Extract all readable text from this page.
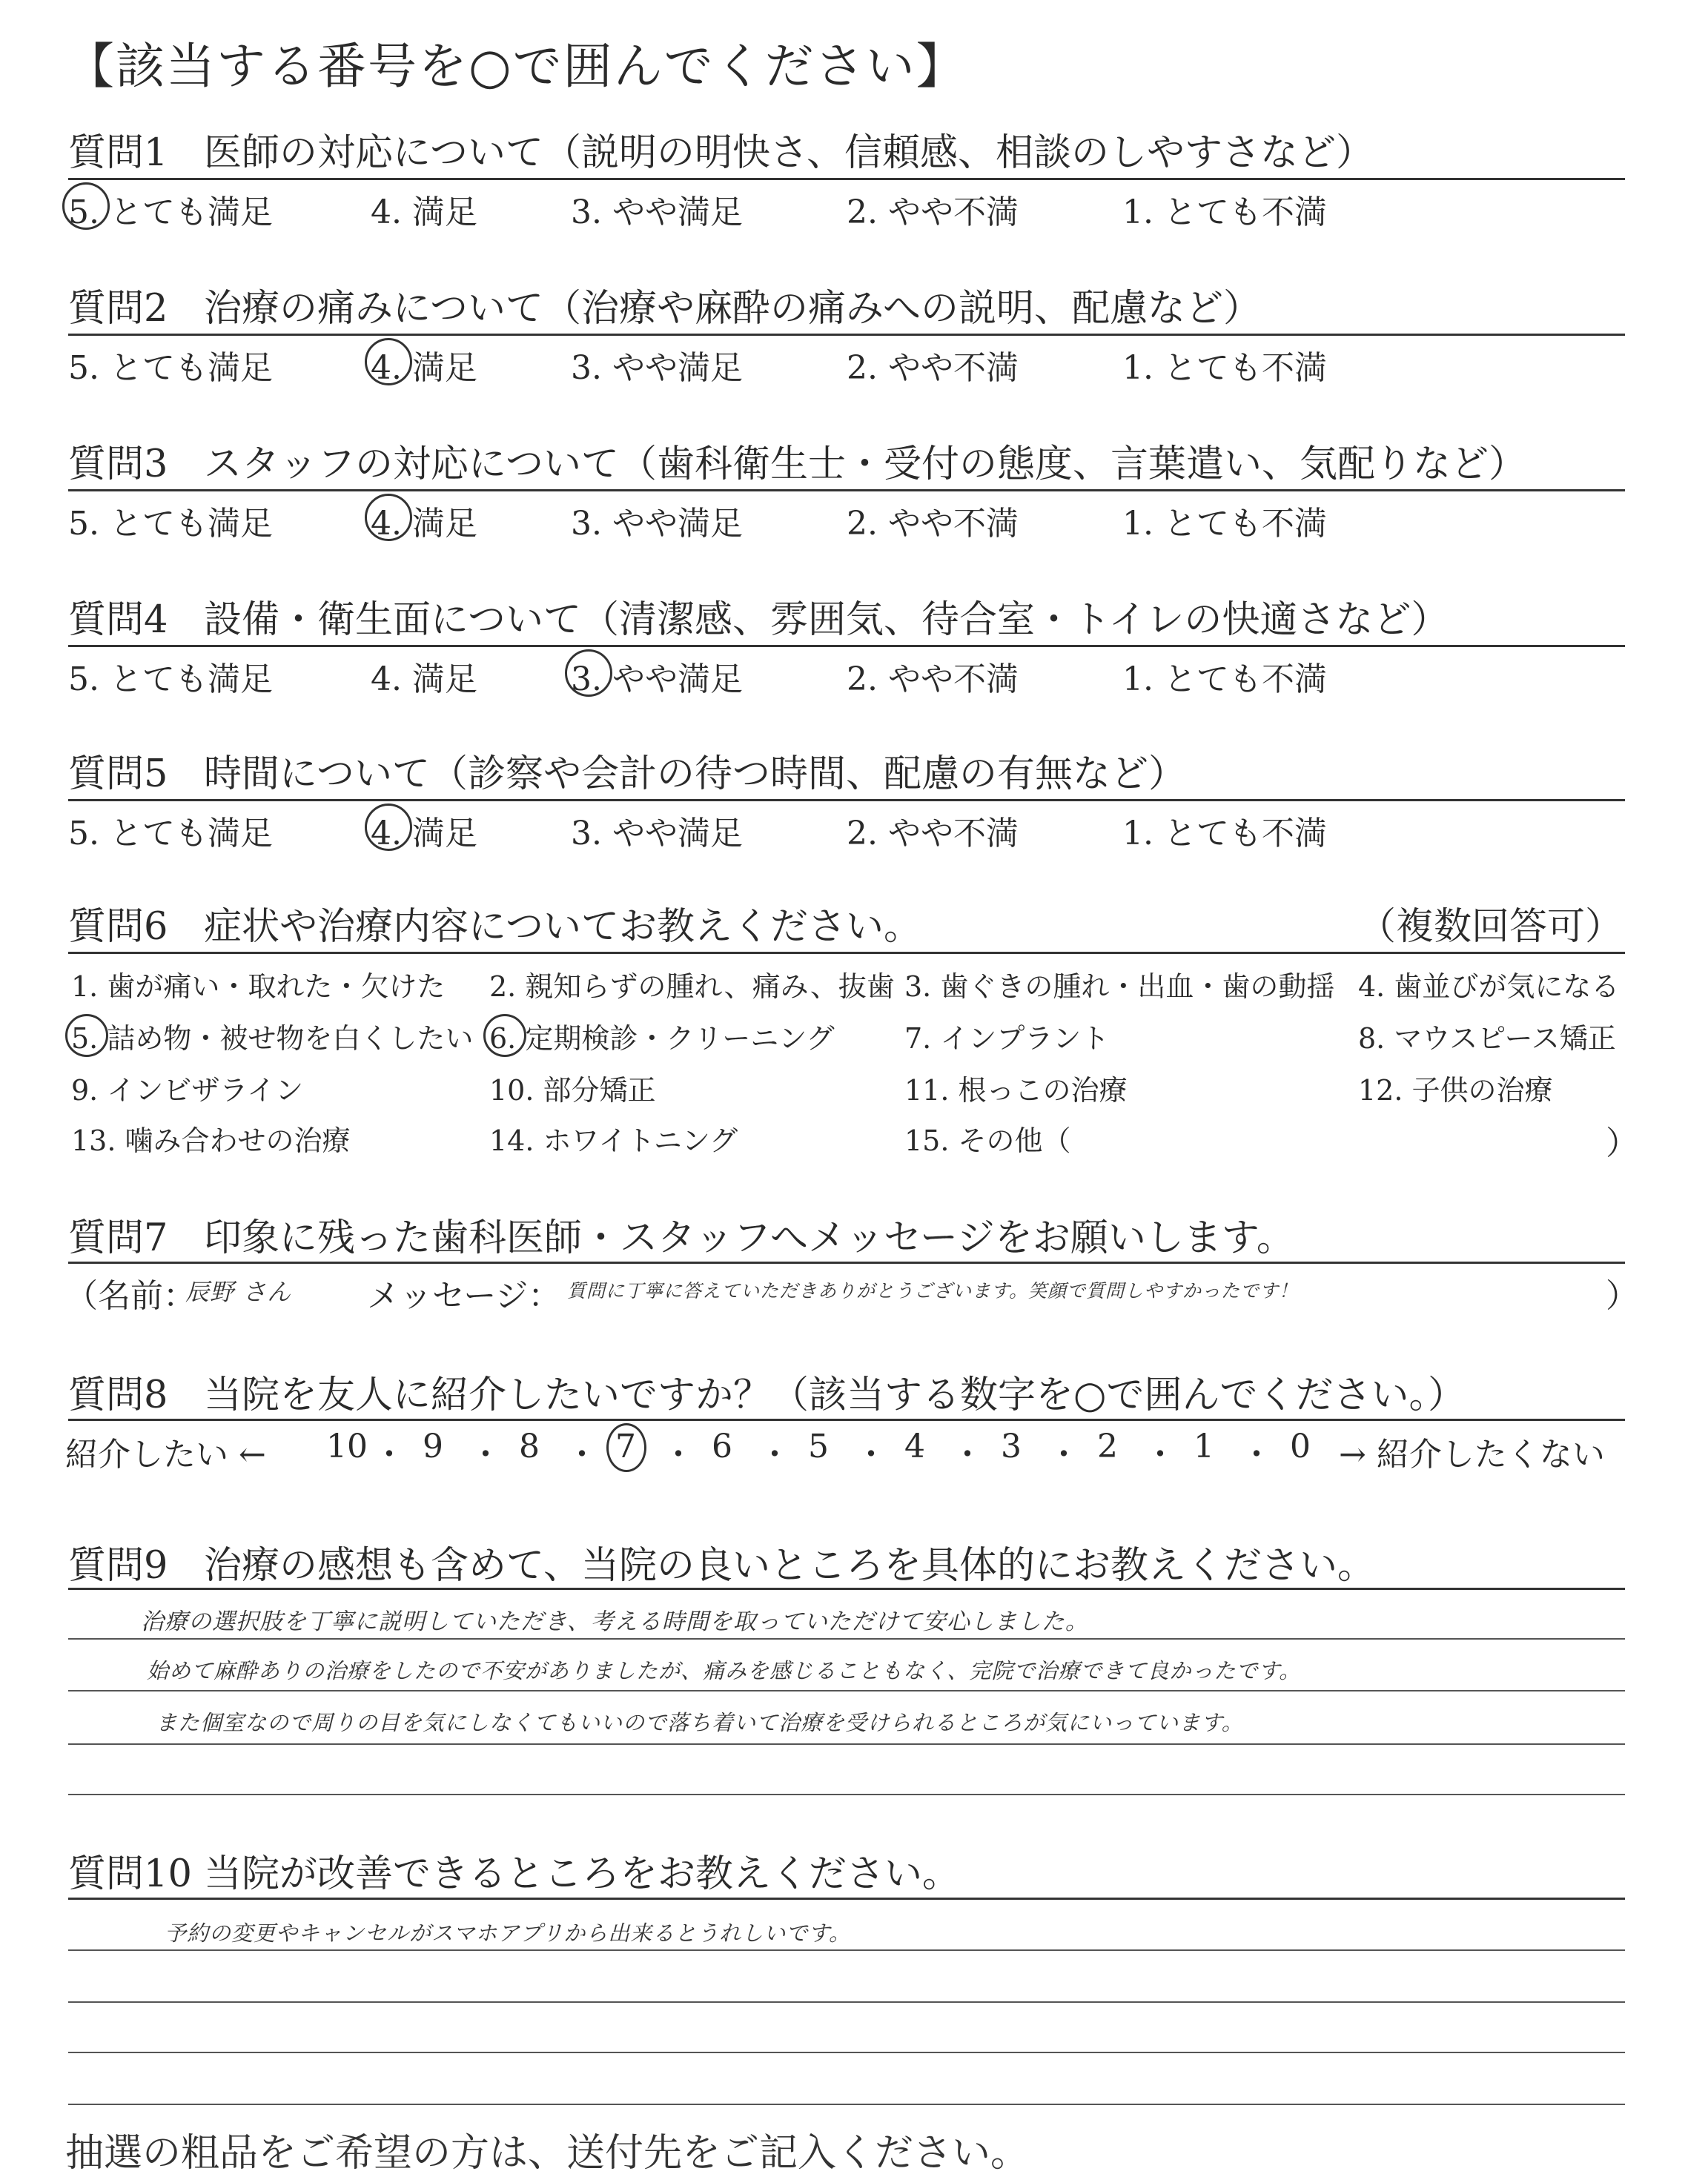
【該当する番号を○で囲んでください】
質問1 医師の対応について（説明の明快さ、信頼感、相談のしやすさなど）
5. とても満足	4. 満足	3. やや満足	2. やや不満	1. とても不満
質問2 治療の痛みについて（治療や麻酔の痛みへの説明、配慮など）
5. とても満足	4. 満足	3. やや満足	2. やや不満	1. とても不満
質問3 スタッフの対応について（歯科衛生士・受付の態度、言葉遣い、気配りなど）
5. とても満足	4. 満足	3. やや満足	2. やや不満	1. とても不満
質問4 設備・衛生面について（清潔感、雰囲気、待合室・トイレの快適さなど）
5. とても満足	4. 満足	3. やや満足	2. やや不満	1. とても不満
質問5 時間について（診察や会計の待つ時間、配慮の有無など）
5. とても満足	4. 満足	3. やや満足	2. やや不満	1. とても不満
質問6 症状や治療内容についてお教えください。	（複数回答可）
1. 歯が痛い・取れた・欠けた 2. 親知らずの腫れ、痛み、抜歯 3. 歯ぐきの腫れ・出血・歯の動揺 4. 歯並びが気になる
5. 詰め物・被せ物を白くしたい 6. 定期検診・クリーニング 7. インプラント	8. マウスピース矯正
9. インビザライン	10. 部分矯正	11. 根っこの治療	12. 子供の治療
13. 噛み合わせの治療	14. ホワイトニング	15. その他（	）
質問7 印象に残った歯科医師・スタッフへメッセージをお願いします。
（名前：
辰野 さん メッセージ： 質問に丁寧に答えていただきありがとうございます。笑顔で質問しやすかったです！	）
質問8 当院を友人に紹介したいですか？（該当する数字を○で囲んでください。）
紹介したい ← 10 ・ 9 ・ 8 ・ 7 ・ 6 ・ 5 ・ 4 ・ 3 ・ 2 ・ 1 ・ 0 → 紹介したくない
質問9 治療の感想も含めて、当院の良いところを具体的にお教えください。
治療の選択肢を丁寧に説明していただき、考える時間を取っていただけて安心しました。
始めて麻酔ありの治療をしたので不安がありましたが、痛みを感じることもなく、完院で治療できて良かったです。
また個室なので周りの目を気にしなくてもいいので落ち着いて治療を受けられるところが気にいっています。
質問10 当院が改善できるところをお教えください。
予約の変更やキャンセルがスマホアプリから出来るとうれしいです。
抽選の粗品をご希望の方は、送付先をご記入ください。
